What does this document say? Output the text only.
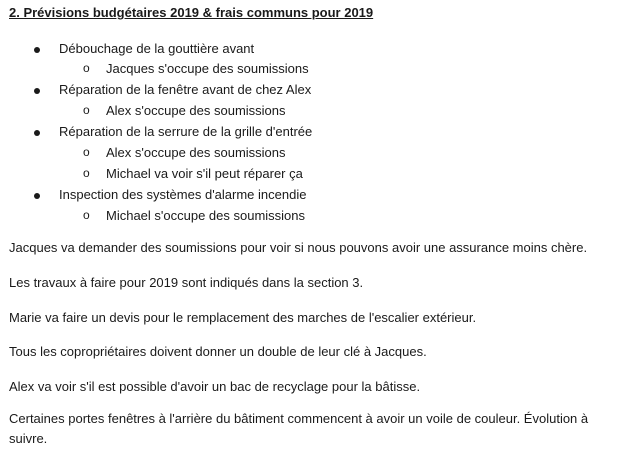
2. Prévisions budgétaires 2019 & frais communs pour 2019
Débouchage de la gouttière avant
o Jacques s'occupe des soumissions
Réparation de la fenêtre avant de chez Alex
o Alex s'occupe des soumissions
Réparation de la serrure de la grille d'entrée
o Alex s'occupe des soumissions
o Michael va voir s'il peut réparer ça
Inspection des systèmes d'alarme incendie
o Michael s'occupe des soumissions
Jacques va demander des soumissions pour voir si nous pouvons avoir une assurance moins chère.
Les travaux à faire pour 2019 sont indiqués dans la section 3.
Marie va faire un devis pour le remplacement des marches de l'escalier extérieur.
Tous les copropriétaires doivent donner un double de leur clé à Jacques.
Alex va voir s'il est possible d'avoir un bac de recyclage pour la bâtisse.
Certaines portes fenêtres à l'arrière du bâtiment commencent à avoir un voile de couleur. Évolution à suivre.
